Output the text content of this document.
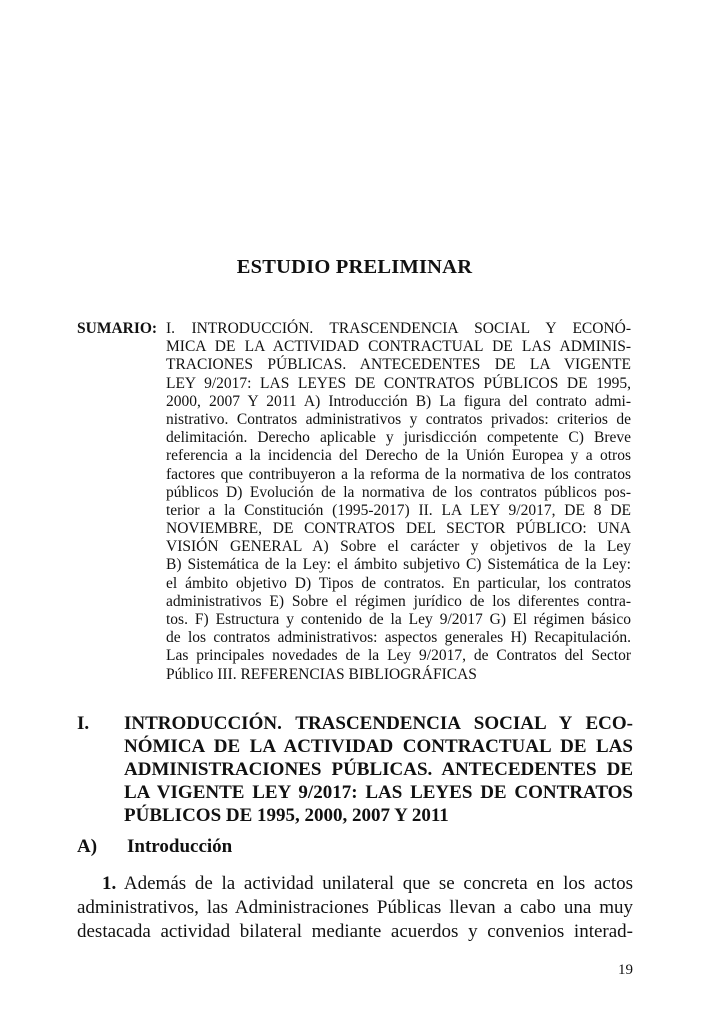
ESTUDIO PRELIMINAR
SUMARIO: I. INTRODUCCIÓN. TRASCENDENCIA SOCIAL Y ECONÓ-
MICA DE LA ACTIVIDAD CONTRACTUAL DE LAS ADMINIS-
TRACIONES PÚBLICAS. ANTECEDENTES DE LA VIGENTE
LEY 9/2017: LAS LEYES DE CONTRATOS PÚBLICOS DE 1995,
2000, 2007 Y 2011 A) Introducción B) La figura del contrato admi-
nistrativo. Contratos administrativos y contratos privados: criterios de
delimitación. Derecho aplicable y jurisdicción competente C) Breve
referencia a la incidencia del Derecho de la Unión Europea y a otros
factores que contribuyeron a la reforma de la normativa de los contratos
públicos D) Evolución de la normativa de los contratos públicos pos-
terior a la Constitución (1995-2017) II. LA LEY 9/2017, DE 8 DE
NOVIEMBRE, DE CONTRATOS DEL SECTOR PÚBLICO: UNA
VISIÓN GENERAL A) Sobre el carácter y objetivos de la Ley
B) Sistemática de la Ley: el ámbito subjetivo C) Sistemática de la Ley:
el ámbito objetivo D) Tipos de contratos. En particular, los contratos
administrativos E) Sobre el régimen jurídico de los diferentes contra-
tos. F) Estructura y contenido de la Ley 9/2017 G) El régimen básico
de los contratos administrativos: aspectos generales H) Recapitulación.
Las principales novedades de la Ley 9/2017, de Contratos del Sector
Público III. REFERENCIAS BIBLIOGRÁFICAS
I. INTRODUCCIÓN. TRASCENDENCIA SOCIAL Y ECO-
NÓMICA DE LA ACTIVIDAD CONTRACTUAL DE LAS
ADMINISTRACIONES PÚBLICAS. ANTECEDENTES DE
LA VIGENTE LEY 9/2017: LAS LEYES DE CONTRATOS
PÚBLICOS DE 1995, 2000, 2007 Y 2011
A) Introducción
1. Además de la actividad unilateral que se concreta en los actos
administrativos, las Administraciones Públicas llevan a cabo una muy
destacada actividad bilateral mediante acuerdos y convenios interad-
19
